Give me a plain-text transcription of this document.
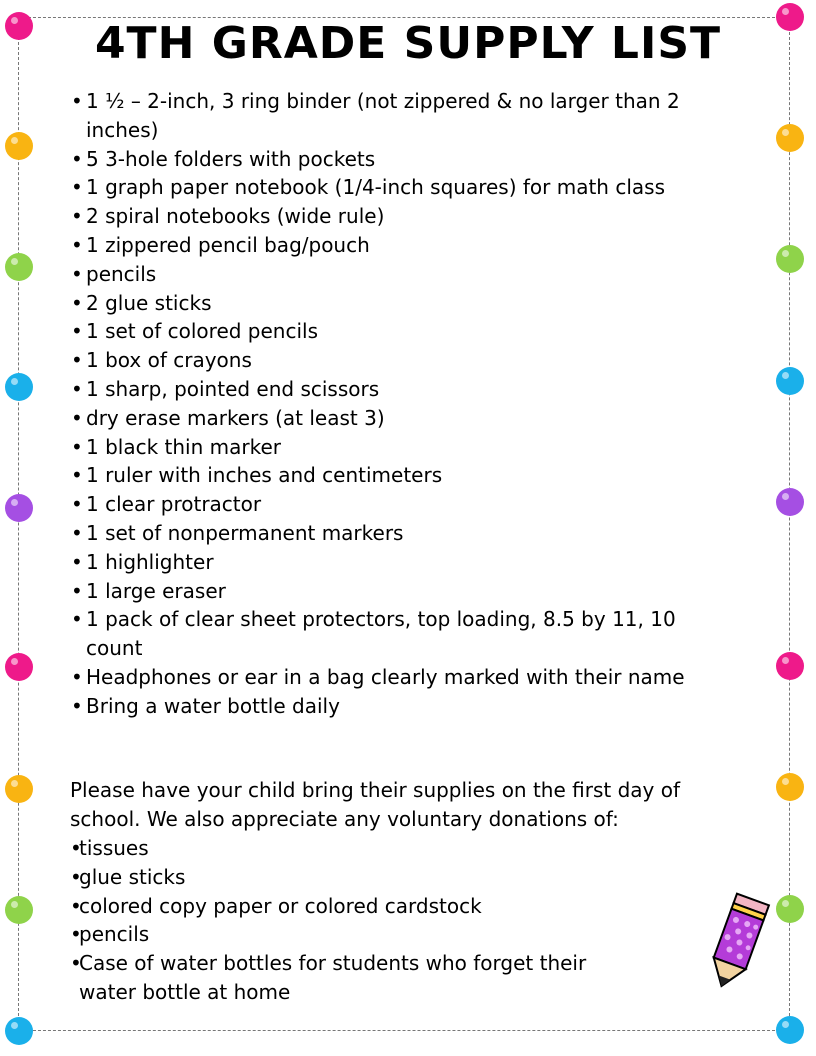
4TH GRADE SUPPLY LIST
• 1 ½ – 2-inch, 3 ring binder (not zippered & no larger than 2 inches)
• 5 3-hole folders with pockets
• 1 graph paper notebook (1/4-inch squares) for math class
• 2 spiral notebooks (wide rule)
• 1 zippered pencil bag/pouch
• pencils
• 2 glue sticks
• 1 set of colored pencils
• 1 box of crayons
• 1 sharp, pointed end scissors
• dry erase markers (at least 3)
• 1 black thin marker
• 1 ruler with inches and centimeters
• 1 clear protractor
• 1 set of nonpermanent markers
• 1 highlighter
• 1 large eraser
• 1 pack of clear sheet protectors, top loading, 8.5 by 11, 10 count
• Headphones or ear in a bag clearly marked with their name
• Bring a water bottle daily

Please have your child bring their supplies on the first day of school. We also appreciate any voluntary donations of:

• tissues
• glue sticks
• colored copy paper or colored cardstock
• pencils
• Case of water bottles for students who forget their water bottle at home
